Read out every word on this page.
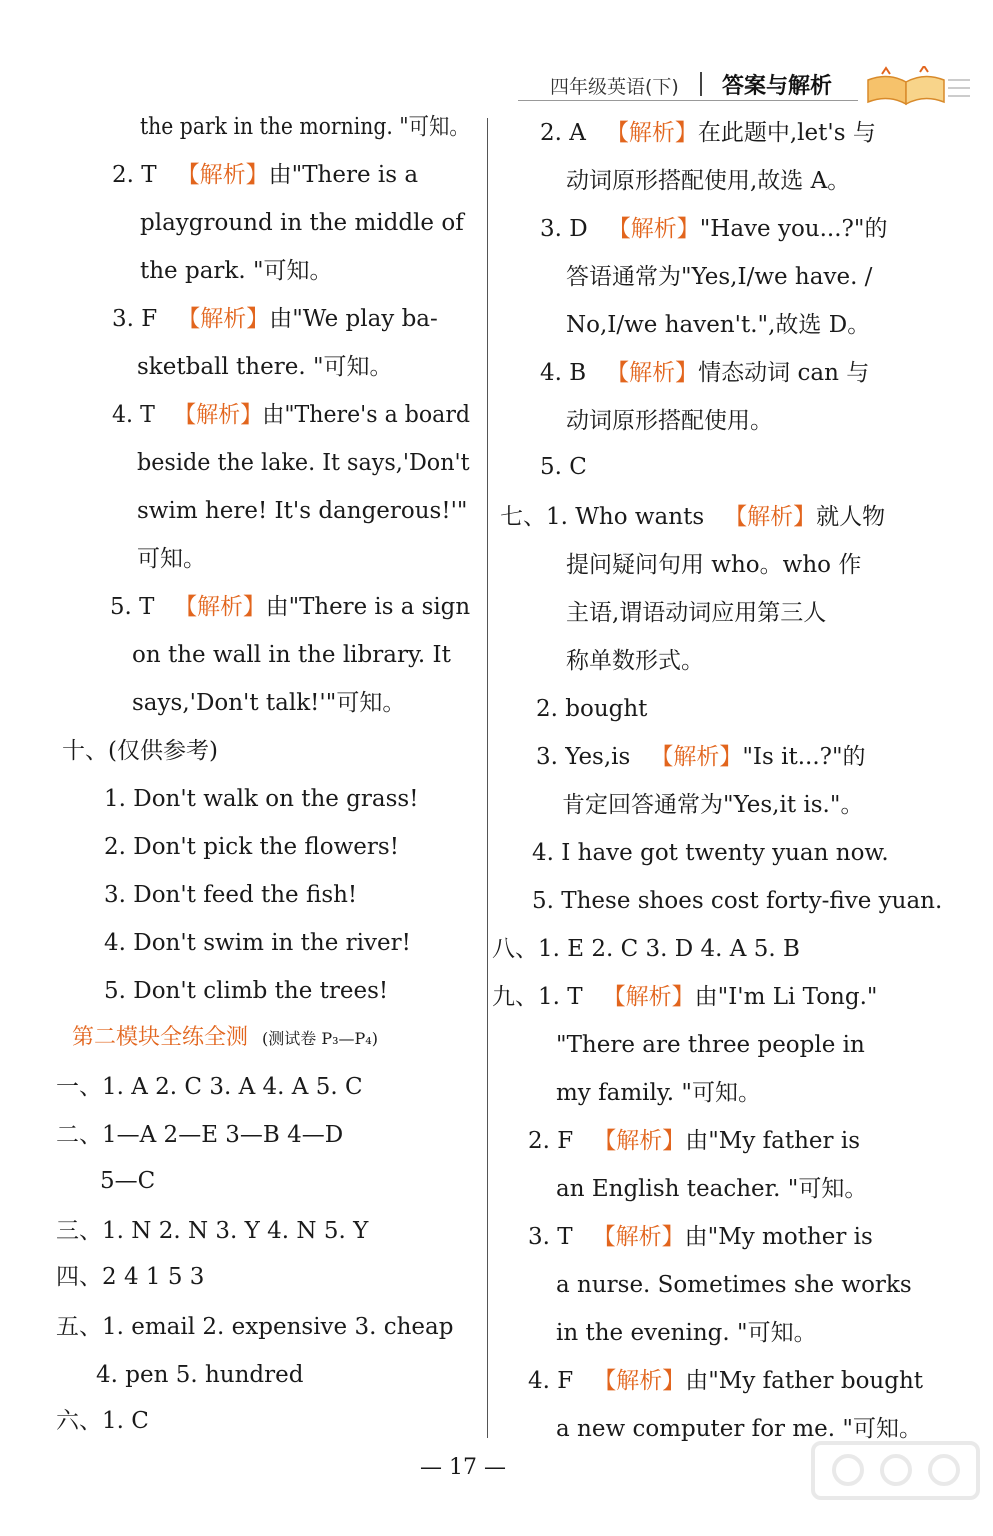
四年级英语(下) 答案与解析
the park in the morning. "可知。
2. T 【解析】由"There is a
playground in the middle of
the park. "可知。
3. F 【解析】由"We play ba-
sketball there. "可知。
4. T 【解析】由"There's a board
beside the lake. It says,'Don't
swim here! It's dangerous!'"
可知。
5. T 【解析】由"There is a sign
on the wall in the library. It
says,'Don't talk!'"可知。
十、(仅供参考)
1. Don't walk on the grass!
2. Don't pick the flowers!
3. Don't feed the fish!
4. Don't swim in the river!
5. Don't climb the trees!
第二模块全练全测 (测试卷 P₃—P₄)
一、1. A 2. C 3. A 4. A 5. C
二、1—A 2—E 3—B 4—D
5—C
三、1. N 2. N 3. Y 4. N 5. Y
四、2 4 1 5 3
五、1. email 2. expensive 3. cheap
4. pen 5. hundred
六、1. C
2. A 【解析】在此题中,let's 与
动词原形搭配使用,故选 A。
3. D 【解析】"Have you...?"的
答语通常为"Yes,I/we have. /
No,I/we haven't.",故选 D。
4. B 【解析】情态动词 can 与
动词原形搭配使用。
5. C
七、1. Who wants 【解析】就人物
提问疑问句用 who。who 作
主语,谓语动词应用第三人
称单数形式。
2. bought
3. Yes,is 【解析】"Is it...?"的
肯定回答通常为"Yes,it is."。
4. I have got twenty yuan now.
5. These shoes cost forty-five yuan.
八、1. E 2. C 3. D 4. A 5. B
九、1. T 【解析】由"I'm Li Tong."
"There are three people in
my family. "可知。
2. F 【解析】由"My father is
an English teacher. "可知。
3. T 【解析】由"My mother is
a nurse. Sometimes she works
in the evening. "可知。
4. F 【解析】由"My father bought
a new computer for me. "可知。
— 17 —
